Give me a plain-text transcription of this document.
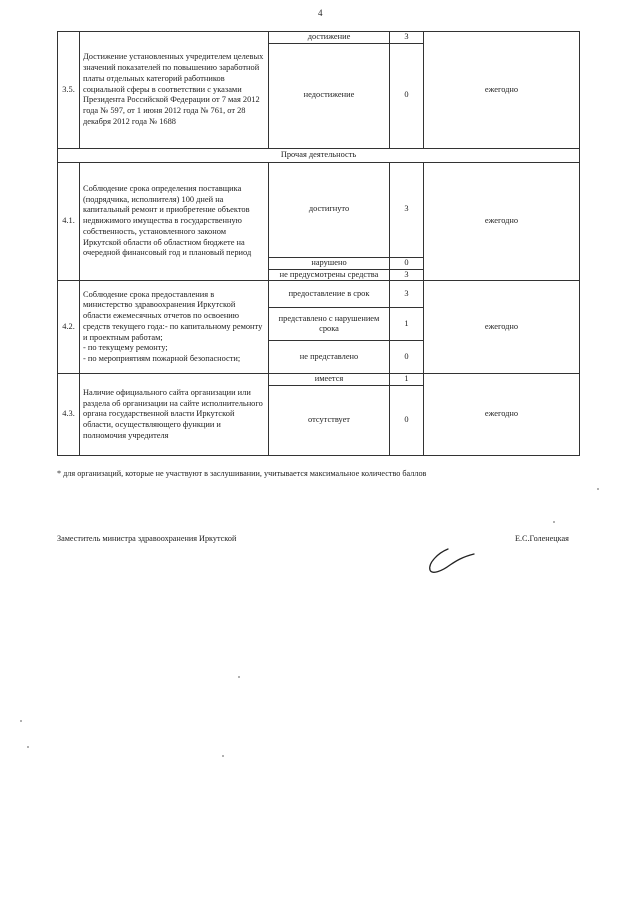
4
3.5.	Достижение установленных учредителем целевых значений показателей по повышению заработной платы отдельных категорий работников социальной сферы в соответствии с указами Президента Российской Федерации от 7 мая 2012 года № 597, от 1 июня 2012 года № 761, от 28 декабря 2012 года № 1688	достижение	3	ежегодно
		недостижение	0	
Прочая деятельность				
4.1.	Соблюдение срока определения поставщика (подрядчика, исполнителя) 100 дней на капитальный ремонт и приобретение объектов недвижимого имущества в государственную собственность, установленного законом Иркутской области об областном бюджете на очередной финансовый год и плановый период	достигнуто	3	ежегодно
		нарушено	0	
		не предусмотрены средства	3	
4.2.	Соблюдение срока предоставления в министерство здравоохранения Иркутской области ежемесячных отчетов по освоению средств текущего года:- по капитальному ремонту и проектным работам;
- по текущему ремонту;
- по мероприятиям пожарной безопасности;	предоставление в срок	3	ежегодно
		представлено с нарушением срока	1	
		не представлено	0	
4.3.	Наличие официального сайта организации или раздела об организации на сайте исполнительного органа государственной власти Иркутской области, осуществляющего функции и полномочия учредителя	имеется	1	ежегодно
		отсутствует	0	
* для организаций, которые не участвуют в заслушивании, учитывается максимальное количество баллов
Заместитель министра здравоохранения Иркутской	Е.С.Голенецкая
